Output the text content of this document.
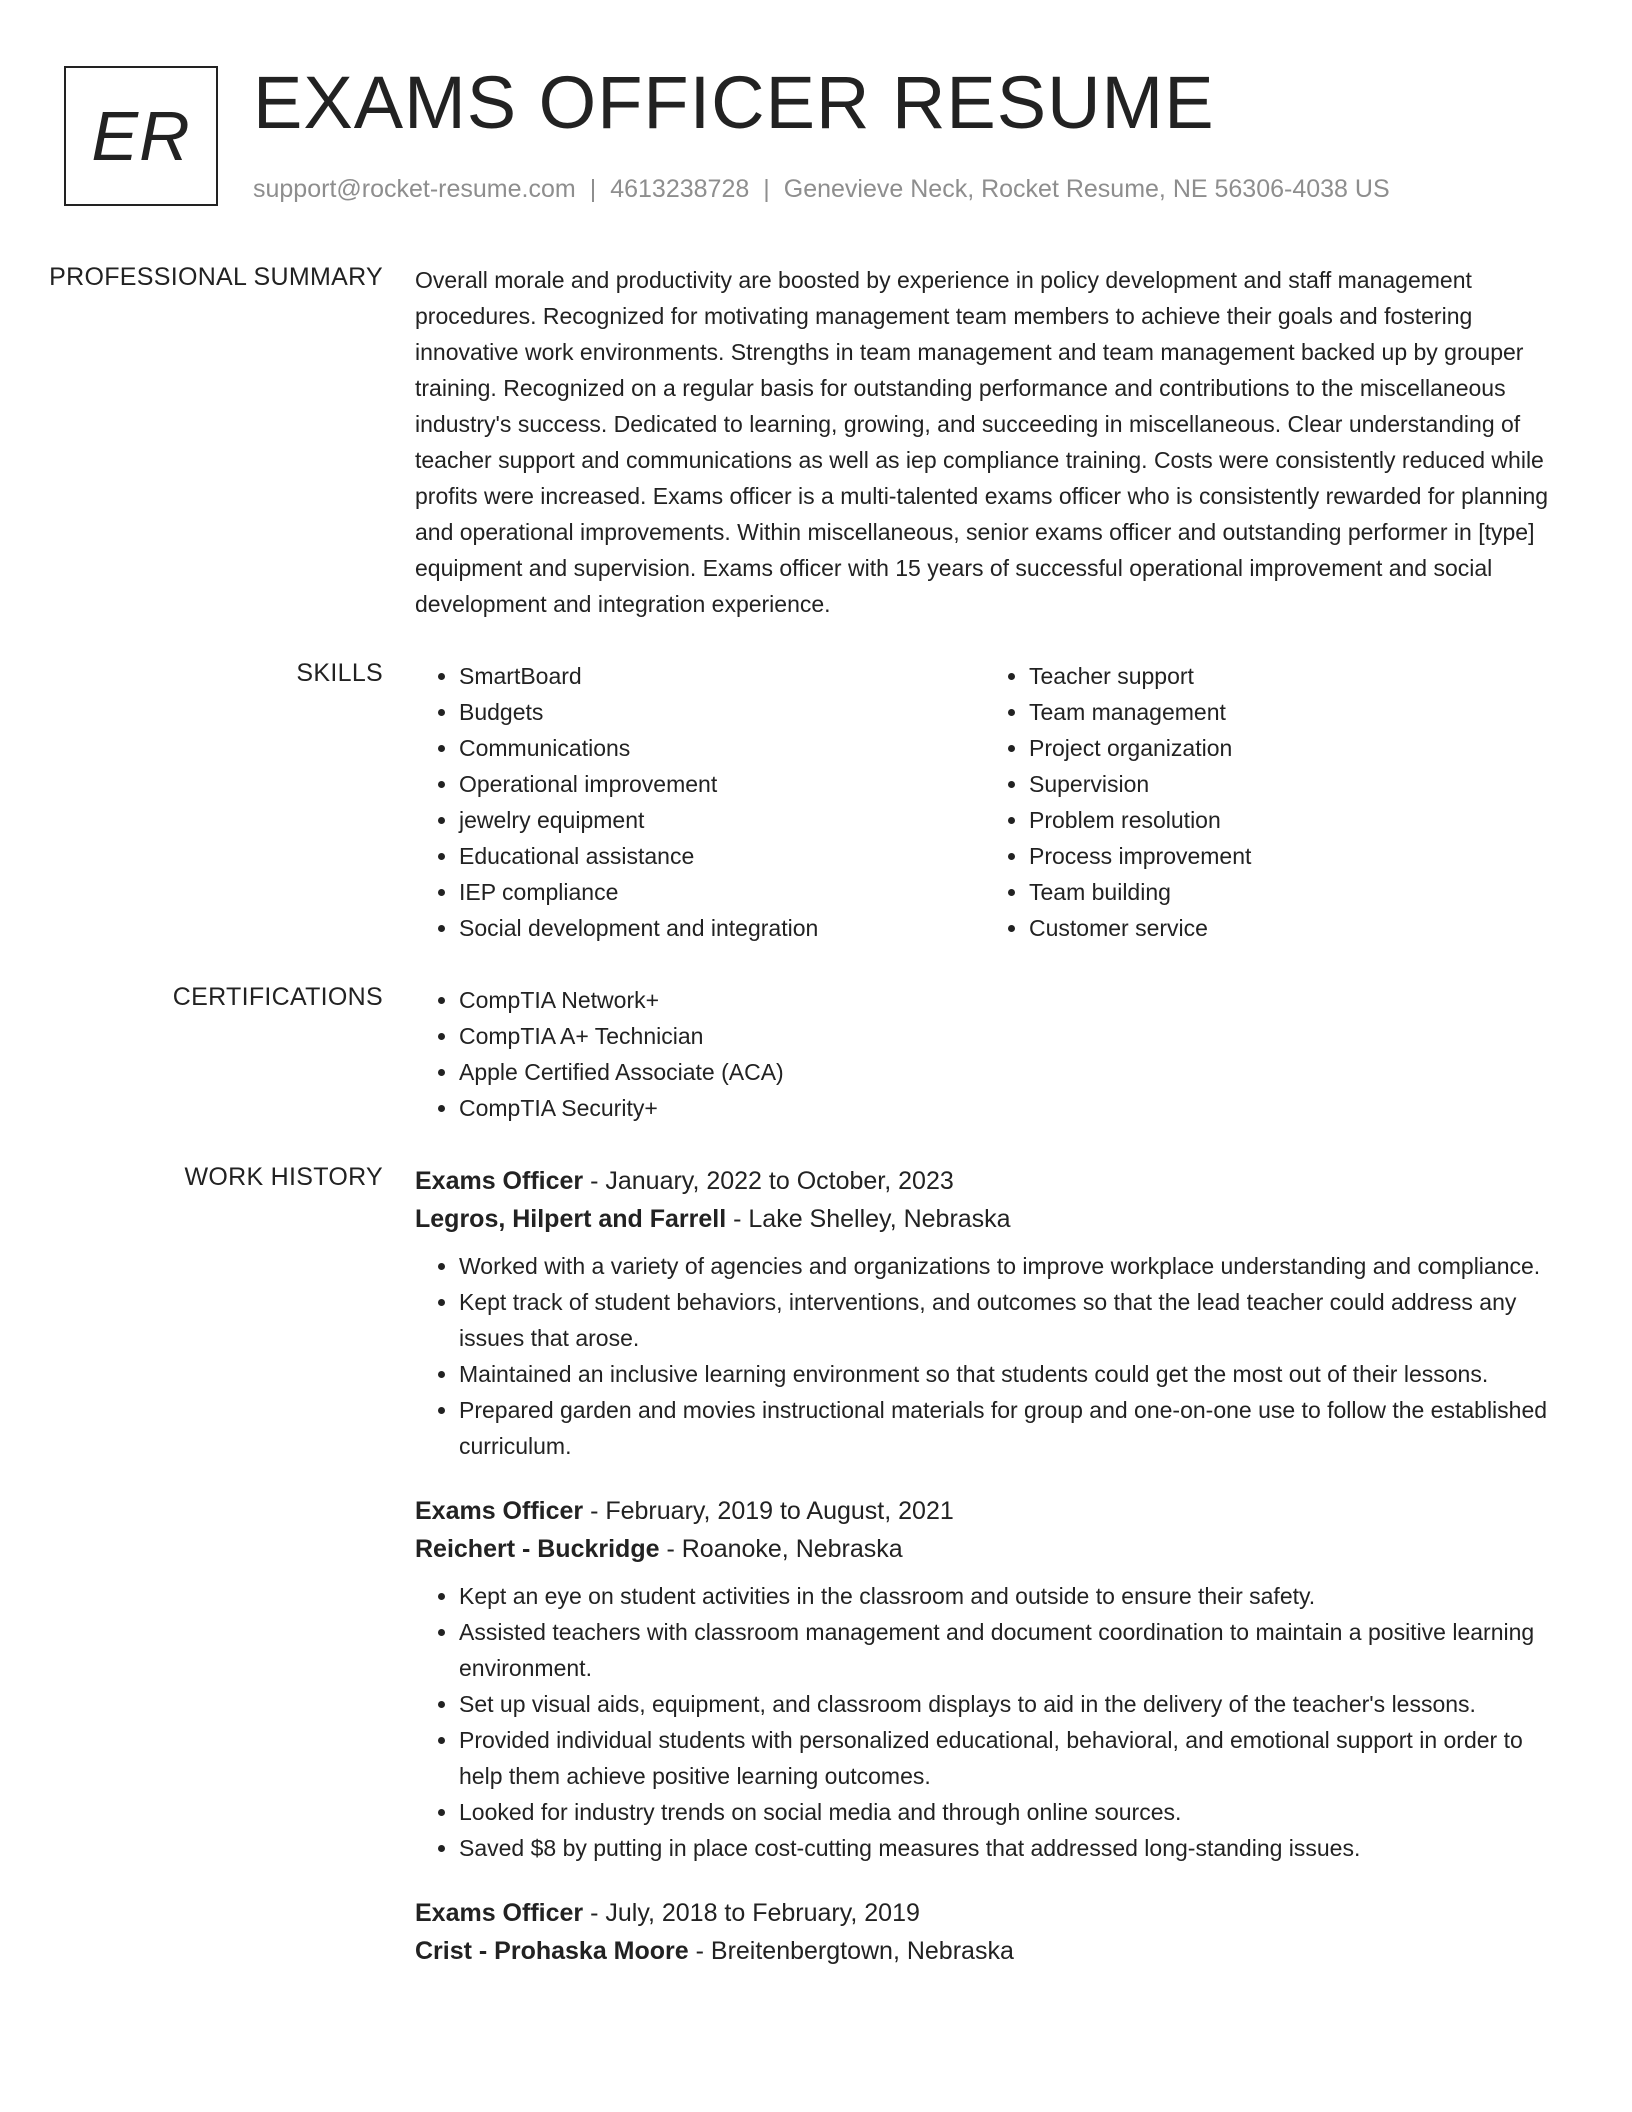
ER EXAMS OFFICER RESUME
support@rocket-resume.com | 4613238728 | Genevieve Neck, Rocket Resume, NE 56306-4038 US
PROFESSIONAL SUMMARY	Overall morale and productivity are boosted by experience in policy development and staff management procedures. Recognized for motivating management team members to achieve their goals and fostering innovative work environments. Strengths in team management and team management backed up by grouper training. Recognized on a regular basis for outstanding performance and contributions to the miscellaneous industry's success. Dedicated to learning, growing, and succeeding in miscellaneous. Clear understanding of teacher support and communications as well as iep compliance training. Costs were consistently reduced while profits were increased. Exams officer is a multi-talented exams officer who is consistently rewarded for planning and operational improvements. Within miscellaneous, senior exams officer and outstanding performer in [type] equipment and supervision. Exams officer with 15 years of successful operational improvement and social development and integration experience.

SKILLS	• SmartBoard
• Budgets
• Communications
• Operational improvement
• jewelry equipment
• Educational assistance
• IEP compliance
• Social development and integration
• Teacher support
• Team management
• Project organization
• Supervision
• Problem resolution
• Process improvement
• Team building
• Customer service
CERTIFICATIONS	• CompTIA Network+
• CompTIA A+ Technician
• Apple Certified Associate (ACA)
• CompTIA Security+
WORK HISTORY	Exams Officer - January, 2022 to October, 2023
Legros, Hilpert and Farrell - Lake Shelley, Nebraska
• Worked with a variety of agencies and organizations to improve workplace understanding and compliance.
• Kept track of student behaviors, interventions, and outcomes so that the lead teacher could address any issues that arose.
• Maintained an inclusive learning environment so that students could get the most out of their lessons.
• Prepared garden and movies instructional materials for group and one-on-one use to follow the established curriculum.
Exams Officer - February, 2019 to August, 2021
Reichert - Buckridge - Roanoke, Nebraska
• Kept an eye on student activities in the classroom and outside to ensure their safety.
• Assisted teachers with classroom management and document coordination to maintain a positive learning environment.
• Set up visual aids, equipment, and classroom displays to aid in the delivery of the teacher's lessons.
• Provided individual students with personalized educational, behavioral, and emotional support in order to help them achieve positive learning outcomes.
• Looked for industry trends on social media and through online sources.
• Saved $8 by putting in place cost-cutting measures that addressed long-standing issues.
Exams Officer - July, 2018 to February, 2019
Crist - Prohaska Moore - Breitenbergtown, Nebraska
